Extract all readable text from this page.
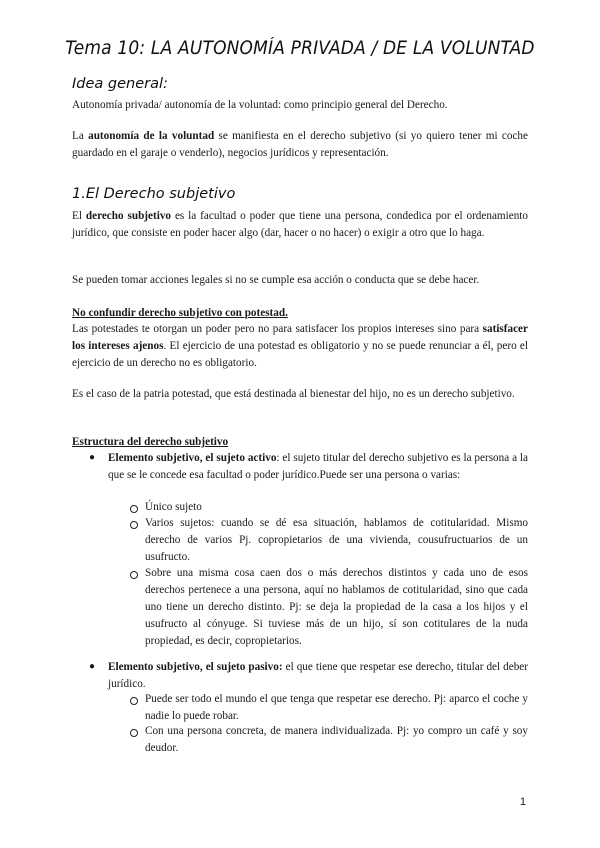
Tema 10: LA AUTONOMÍA PRIVADA / DE LA VOLUNTAD
Idea general:

Autonomía privada/ autonomía de la voluntad: como principio general del Derecho.

La autonomía de la voluntad se manifiesta en el derecho subjetivo (si yo quiero tener mi coche guardado en el garaje o venderlo), negocios jurídicos y representación.

1.El Derecho subjetivo

El derecho subjetivo es la facultad o poder que tiene una persona, condedica por el ordenamiento jurídico, que consiste en poder hacer algo (dar, hacer o no hacer) o exigir a otro que lo haga.

Se pueden tomar acciones legales si no se cumple esa acción o conducta que se debe hacer.

No confundir derecho subjetivo con potestad.

Las potestades te otorgan un poder pero no para satisfacer los propios intereses sino para satisfacer los intereses ajenos. El ejercicio de una potestad es obligatorio y no se puede renunciar a él, pero el ejercicio de un derecho no es obligatorio.

Es el caso de la patria potestad, que está destinada al bienestar del hijo, no es un derecho subjetivo.

Estructura del derecho subjetivo

● Elemento subjetivo, el sujeto activo: el sujeto titular del derecho subjetivo es la persona a la que se le concede esa facultad o poder jurídico.Puede ser una persona o varias:

Único sujeto

Varios sujetos: cuando se dé esa situación, hablamos de cotitularidad. Mismo derecho de varios Pj. copropietarios de una vivienda, cousufructuarios de un usufructo.

Sobre una misma cosa caen dos o más derechos distintos y cada uno de esos derechos pertenece a una persona, aquí no hablamos de cotitularidad, sino que cada uno tiene un derecho distinto. Pj: se deja la propiedad de la casa a los hijos y el usufructo al cónyuge. Si tuviese más de un hijo, sí son cotitulares de la nuda propiedad, es decir, copropietarios.

● Elemento subjetivo, el sujeto pasivo: el que tiene que respetar ese derecho, titular del deber jurídico.

Puede ser todo el mundo el que tenga que respetar ese derecho. Pj: aparco el coche y nadie lo puede robar.

Con una persona concreta, de manera individualizada. Pj: yo compro un café y soy deudor.

1
